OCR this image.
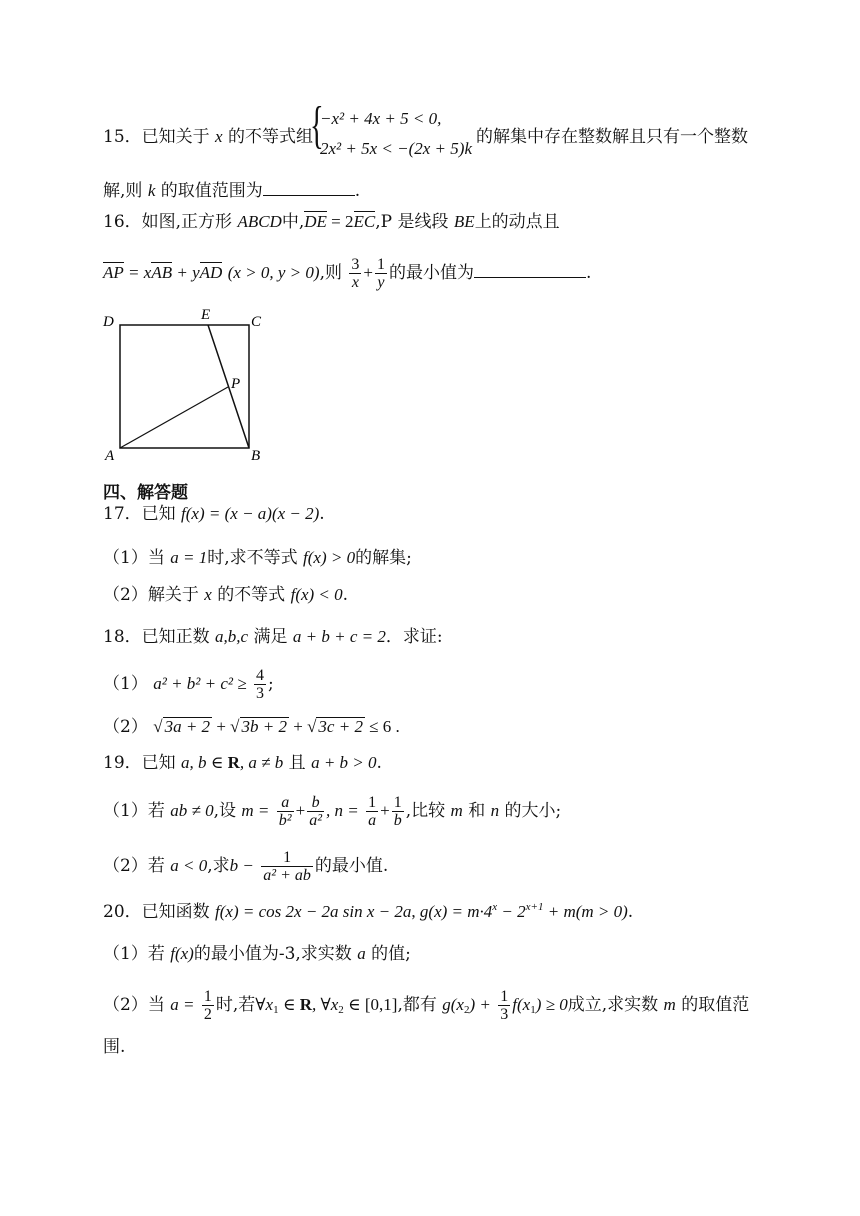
15．已知关于 x 的不等式组
{
−x² + 4x + 5 < 0,
2x² + 5x < −(2x + 5)k
的解集中存在整数解且只有一个整数
解,则 k 的取值范围为	.
16．如图,正方形 ABCD中,DE = 2EC,P 是线段 BE上的动点且
AP = xAB + yAD (x > 0, y > 0),则 $\frac{3}{x} + \frac{1}{y}$ 的最小值为	.
D	E	C
P
A	B
四、解答题
17．已知 f(x) = (x − a)(x − 2).
（1）当 a = 1时,求不等式 f(x) > 0的解集;
（2）解关于 x 的不等式 f(x) < 0.
18．已知正数 a,b,c 满足 a + b + c = 2．求证:
（1） $a^2 + b^2 + c^2 \ge \frac{4}{3}$ ;
（2） √ 3a + 2 + √ 3b + 2 + √ 3c + 2 ≤ 6 .
19．已知 a, b ∈ R, a ≠ b 且 a + b > 0.
（1）若 ab ≠ 0,设 $m = \frac{a}{\text{b²}} + \frac{b}{\text{a²}}$ , $n = \frac{1}{a} + \frac{1}{b}$ ,比较 m 和 n 的大小;
（2）若 a < 0,求$b - \frac{1}{\text{a² + ab}}$ 的最小值.
20．已知函数 f(x) = cos 2x − 2a sin x − 2a, $g(x) = m\cdot 4^x - 2^{x+1} + m(m > 0)$.
（1）若 f(x)的最小值为-3,求实数 a 的值;
（2）当 $a = \frac{1}{2}$ 时,若$\forall x_1$ ∈ R, $\forall x_2$ ∈ [0,1],都有 $g(x_2) + \frac{1}{3} f(x_1) \ge 0$成立,求实数 m 的取值范
围.
